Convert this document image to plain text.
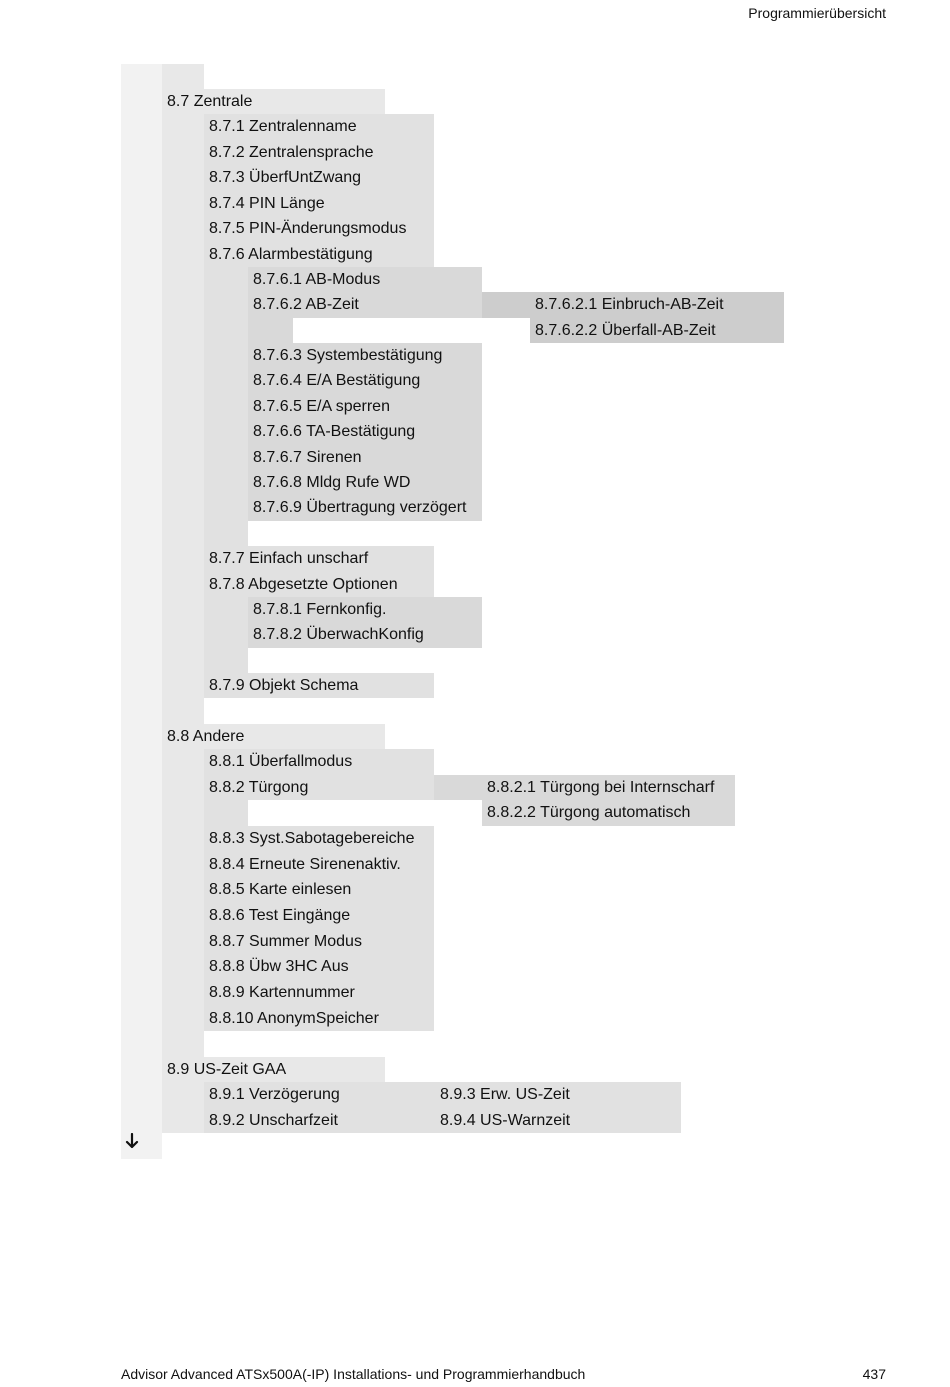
Programmierübersicht
8.7 Zentrale
8.7.1 Zentralenname
8.7.2 Zentralensprache
8.7.3 ÜberfUntZwang
8.7.4 PIN Länge
8.7.5 PIN-Änderungsmodus
8.7.6 Alarmbestätigung
8.7.6.1 AB-Modus
8.7.6.2 AB-Zeit	8.7.6.2.1 Einbruch-AB-Zeit
8.7.6.2.2 Überfall-AB-Zeit
8.7.6.3 Systembestätigung
8.7.6.4 E/A Bestätigung
8.7.6.5 E/A sperren
8.7.6.6 TA-Bestätigung
8.7.6.7 Sirenen
8.7.6.8 Mldg Rufe WD
8.7.6.9 Übertragung verzögert
8.7.7 Einfach unscharf
8.7.8 Abgesetzte Optionen
8.7.8.1 Fernkonfig.
8.7.8.2 ÜberwachKonfig
8.7.9 Objekt Schema
8.8 Andere
8.8.1 Überfallmodus
8.8.2 Türgong	8.8.2.1 Türgong bei Internscharf
8.8.2.2 Türgong automatisch
8.8.3 Syst.Sabotagebereiche
8.8.4 Erneute Sirenenaktiv.
8.8.5 Karte einlesen
8.8.6 Test Eingänge
8.8.7 Summer Modus
8.8.8 Übw 3HC Aus
8.8.9 Kartennummer
8.8.10 AnonymSpeicher
8.9 US-Zeit GAA
8.9.1 Verzögerung
8.9.2 Unscharfzeit
8.9.3 Erw. US-Zeit
8.9.4 US-Warnzeit
Advisor Advanced ATSx500A(-IP) Installations- und Programmierhandbuch	437
